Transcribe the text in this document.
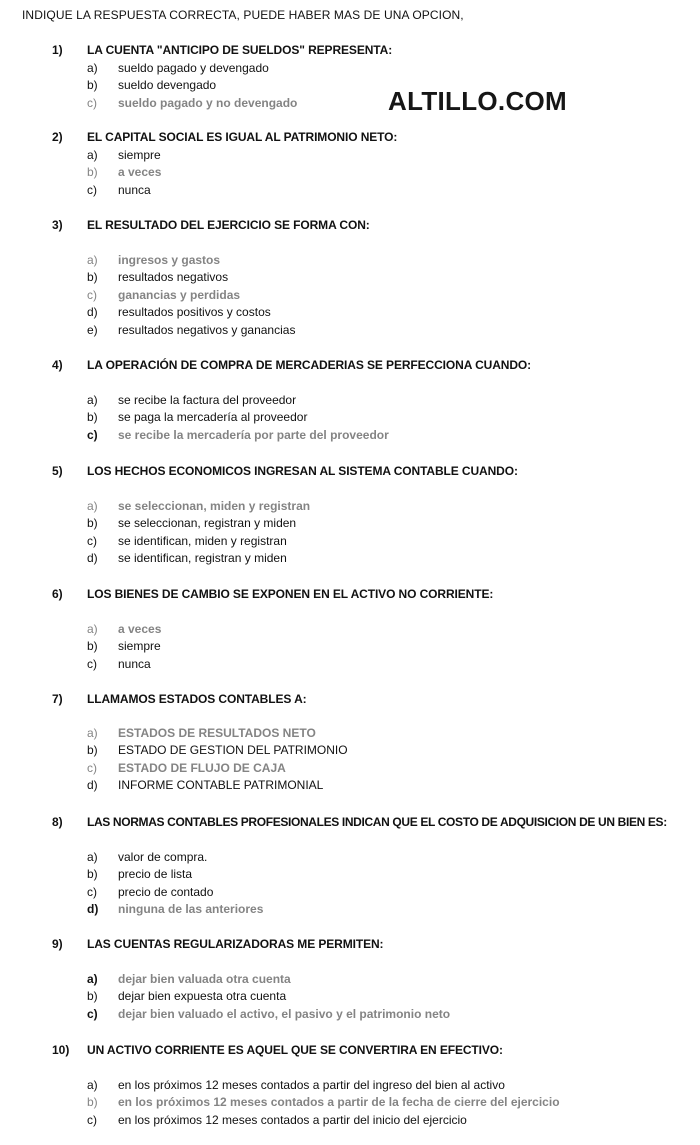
INDIQUE LA RESPUESTA CORRECTA, PUEDE HABER MAS DE UNA OPCION,
ALTILLO.COM
1) LA CUENTA "ANTICIPO DE SUELDOS" REPRESENTA:
a) sueldo pagado y devengado
b) sueldo devengado
c) sueldo pagado y no devengado
2) EL CAPITAL SOCIAL ES IGUAL AL PATRIMONIO NETO:
a) siempre
b) a veces
c) nunca
3) EL RESULTADO DEL EJERCICIO SE FORMA CON:
a) ingresos y gastos
b) resultados negativos
c) ganancias y perdidas
d) resultados positivos y costos
e) resultados negativos y ganancias
4) LA OPERACIÓN DE COMPRA DE MERCADERIAS SE PERFECCIONA CUANDO:
a) se recibe la factura del proveedor
b) se paga la mercadería al proveedor
c) se recibe la mercadería por parte del proveedor
5) LOS HECHOS ECONOMICOS INGRESAN AL SISTEMA CONTABLE CUANDO:
a) se seleccionan, miden y registran
b) se seleccionan, registran y miden
c) se identifican, miden y registran
d) se identifican, registran y miden
6) LOS BIENES DE CAMBIO SE EXPONEN EN EL ACTIVO NO CORRIENTE:
a) a veces
b) siempre
c) nunca
7) LLAMAMOS ESTADOS CONTABLES A:
a) ESTADOS DE RESULTADOS NETO
b) ESTADO DE GESTION DEL PATRIMONIO
c) ESTADO DE FLUJO DE CAJA
d) INFORME CONTABLE PATRIMONIAL
8) LAS NORMAS CONTABLES PROFESIONALES INDICAN QUE EL COSTO DE ADQUISICION DE UN BIEN ES:
a) valor de compra.
b) precio de lista
c) precio de contado
d) ninguna de las anteriores
9) LAS CUENTAS REGULARIZADORAS ME PERMITEN:
a) dejar bien valuada otra cuenta
b) dejar bien expuesta otra cuenta
c) dejar bien valuado el activo, el pasivo y el patrimonio neto
10) UN ACTIVO CORRIENTE ES AQUEL QUE SE CONVERTIRA EN EFECTIVO:
a) en los próximos 12 meses contados a partir del ingreso del bien al activo
b) en los próximos 12 meses contados a partir de la fecha de cierre del ejercicio
c) en los próximos 12 meses contados a partir del inicio del ejercicio
